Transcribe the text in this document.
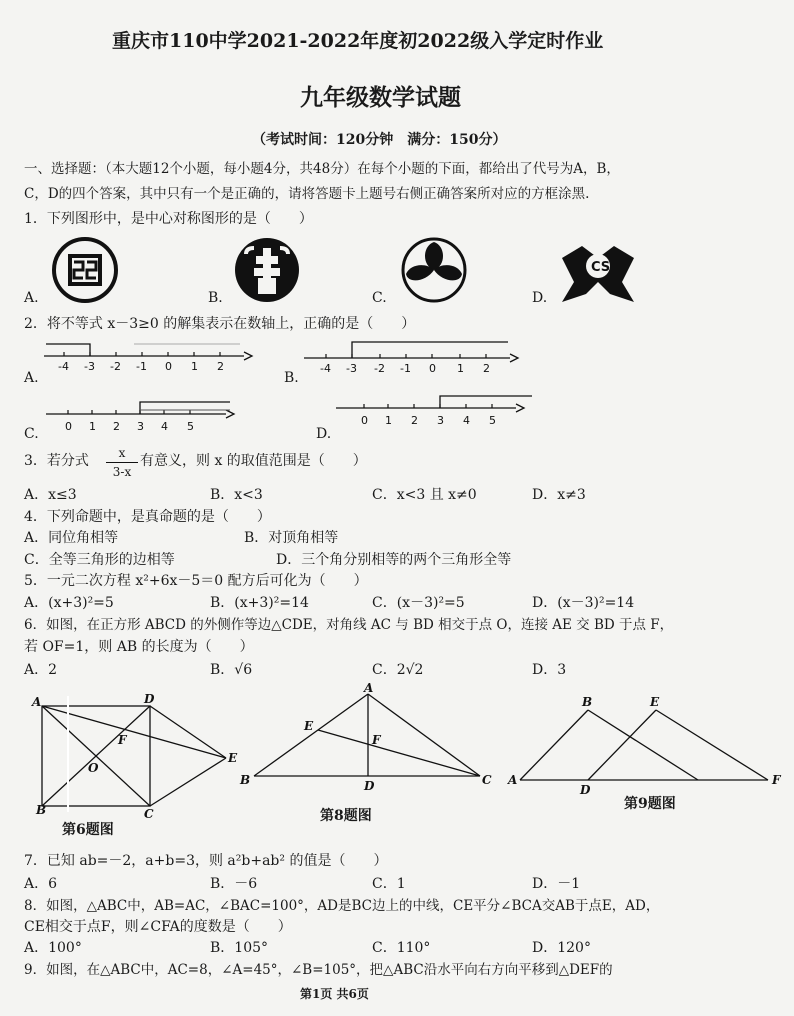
重庆市110中学2021-2022年度初2022级入学定时作业
九年级数学试题
（考试时间：120分钟　满分：150分）
一、选择题：（本大题12个小题，每小题4分，共48分）在每个小题的下面，都给出了代号为A，B，
C，D的四个答案，其中只有一个是正确的，请将答题卡上题号右侧正确答案所对应的方框涂黑.
1．下列图形中，是中心对称图形的是（　　）
A.	B.	C.	D.
CS
2．将不等式 x－3≥0 的解集表示在数轴上，正确的是（　　）
A.	B.
C.	D.
-4 -3 -2 -1 0 1 2	-4 -3 -2 -1 0 1 2
0 1 2 3 4 5	0 1 2 3 4 5
3．若分式	x
3-x
有意义，则 x 的取值范围是（　　）
A．x≤3	B．x<3	C．x<3 且 x≠0	D．x≠3
4．下列命题中，是真命题的是（　　）
A．同位角相等	B．对顶角相等
C．全等三角形的边相等	D．三个角分别相等的两个三角形全等
5．一元二次方程 x²+6x－5＝0 配方后可化为（　　）
A．(x+3)²=5	B．(x+3)²=14	C．(x－3)²=5	D．(x－3)²=14
6．如图，在正方形 ABCD 的外侧作等边△CDE，对角线 AC 与 BD 相交于点 O，连接 AE 交 BD 于点 F，
若 OF=1，则 AB 的长度为（　　）
A．2	B．√6	C．2√2	D．3
A	D
F
O
E
B	C
第6题图
A
E
F
B	D	C
第8题图
B	E
A
D
F
第9题图
7．已知 ab=－2，a+b=3，则 a²b+ab² 的值是（　　）
A．6	B．－6	C．1	D．－1
8．如图，△ABC中，AB=AC，∠BAC=100°，AD是BC边上的中线，CE平分∠BCA交AB于点E，AD，
CE相交于点F，则∠CFA的度数是（　　）
A．100°	B．105°	C．110°	D．120°
9．如图，在△ABC中，AC=8，∠A=45°，∠B=105°，把△ABC沿水平向右方向平移到△DEF的
第1页 共6页
